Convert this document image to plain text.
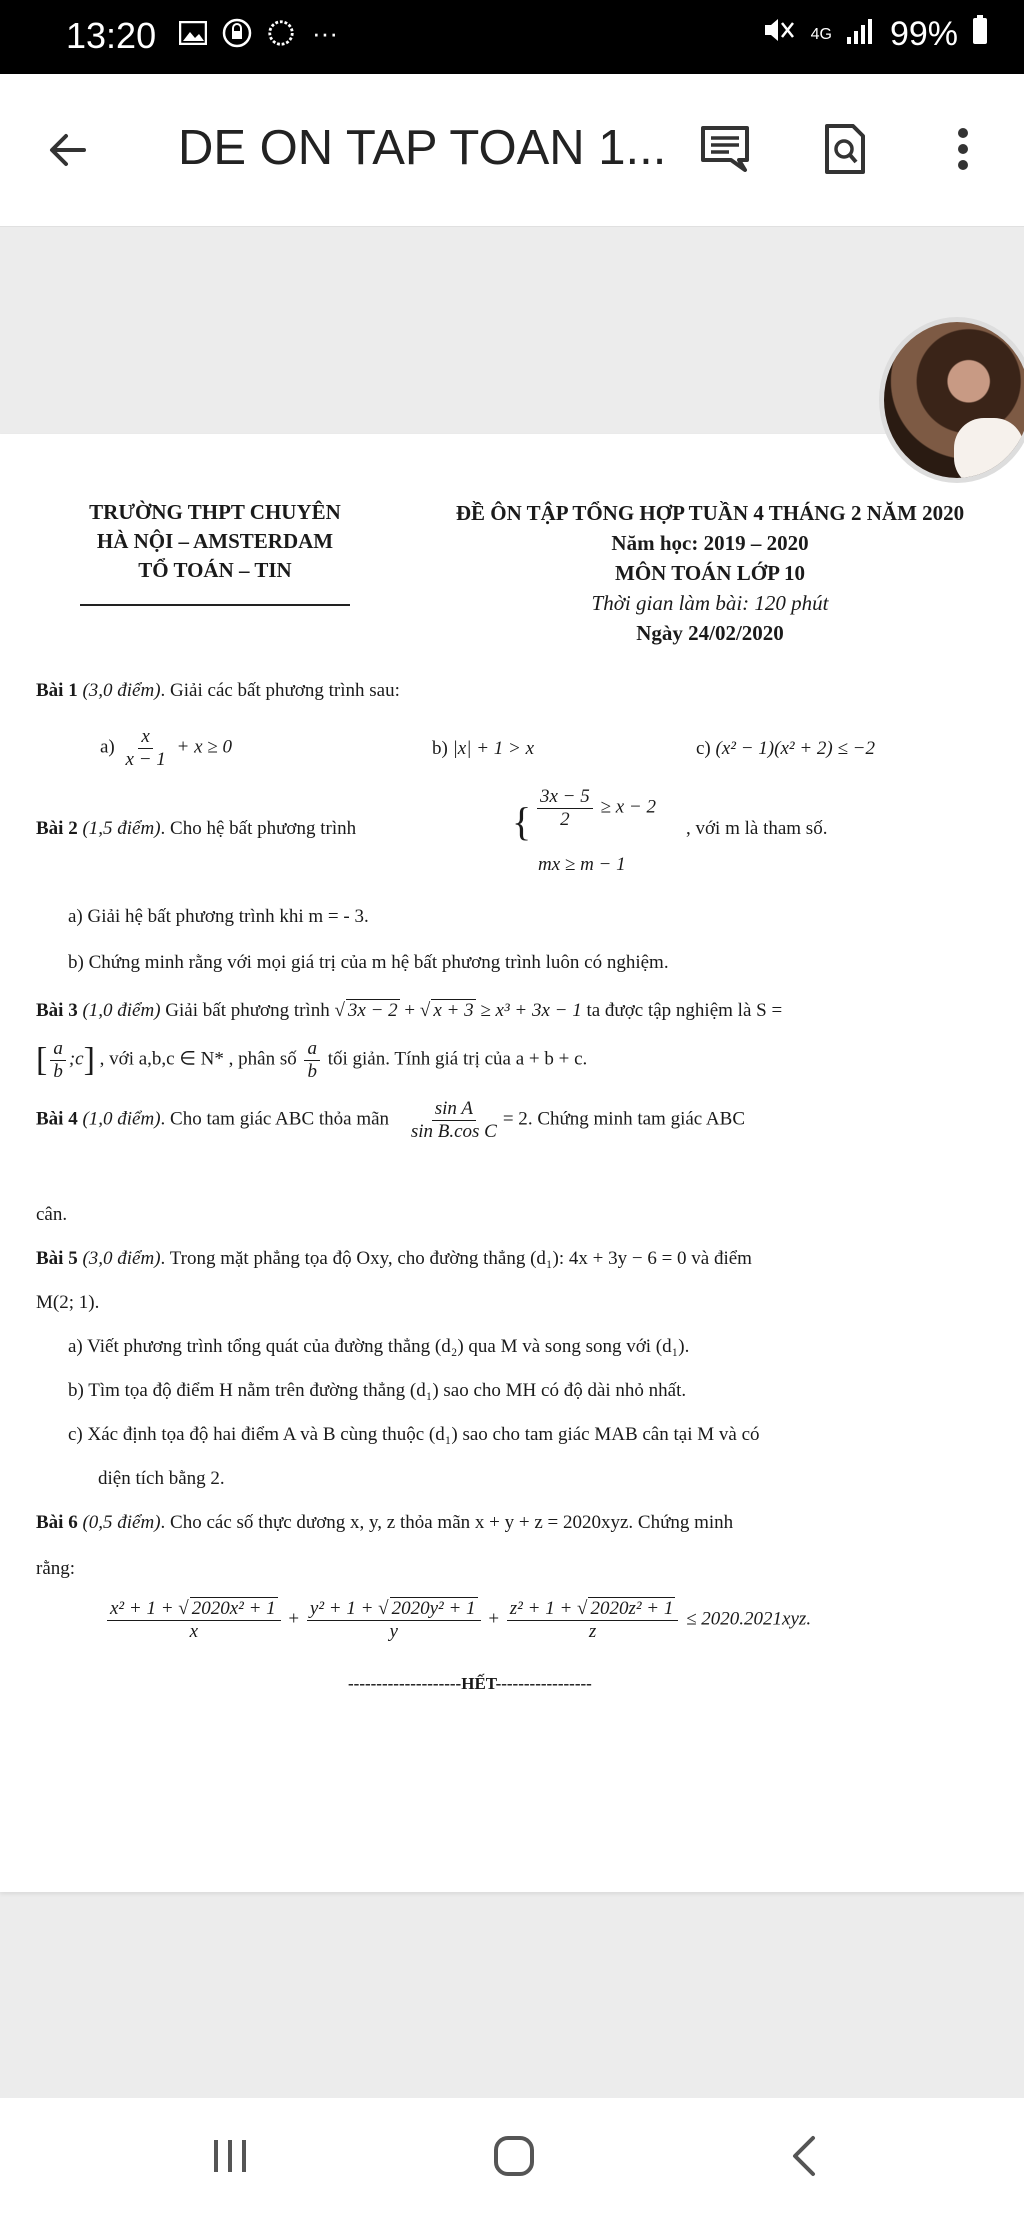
13:20	···	4G 99%
DE ON TAP TOAN 1...
TRƯỜNG THPT CHUYÊN
HÀ NỘI – AMSTERDAM
TỔ TOÁN – TIN
ĐỀ ÔN TẬP TỔNG HỢP TUẦN 4 THÁNG 2 NĂM 2020
Năm học: 2019 – 2020
MÔN TOÁN LỚP 10
Thời gian làm bài: 120 phút
Ngày 24/02/2020
Bài 1 (3,0 điểm). Giải các bất phương trình sau:
$a) \frac{x}{x - 1} + x \ge 0$	b) |x| + 1 > x	c) (x² − 1)(x² + 2) ≤ −2
Bài 2 (1,5 điểm). Cho hệ bất phương trình	{ $\frac{3x - 5}{2} \ge x - 2$
mx ≥ m − 1
, với m là tham số.
a) Giải hệ bất phương trình khi m = - 3.
b) Chứng minh rằng với mọi giá trị của m hệ bất phương trình luôn có nghiệm.
Bài 3 (1,0 điểm) Giải bất phương trình √ 3x − 2 + √ x + 3 ≥ x³ + 3x − 1 ta được tập nghiệm là S =
[ $\frac{a}{b}$ ;c] , với a,b,c ∈ N* , phân số $\frac{a}{b}$ tối giản. Tính giá trị của a + b + c.
Bài 4 (1,0 điểm). Cho tam giác ABC thỏa mãn $\frac{\text{sin A}}{\text{sin B.cos C}} = 2$. Chứng minh tam giác ABC
cân.
Bài 5 (3,0 điểm). Trong mặt phẳng tọa độ Oxy, cho đường thẳng (d₁): 4x + 3y − 6 = 0 và điểm
M(2; 1).
a) Viết phương trình tổng quát của đường thẳng (d₂) qua M và song song với (d₁).
b) Tìm tọa độ điểm H nằm trên đường thẳng (d₁) sao cho MH có độ dài nhỏ nhất.
c) Xác định tọa độ hai điểm A và B cùng thuộc (d₁) sao cho tam giác MAB cân tại M và có
diện tích bằng 2.
Bài 6 (0,5 điểm). Cho các số thực dương x, y, z thỏa mãn x + y + z = 2020xyz. Chứng minh
rằng:
$\frac{\text{x² + 1 + √ 2020x² + 1}}{x} + \frac{\text{y² + 1 + √ 2020y² + 1}}{y} + \frac{\text{z² + 1 + √ 2020z² + 1}}{z} \le 2020.2021xyz$.
--------------------HẾT-----------------
